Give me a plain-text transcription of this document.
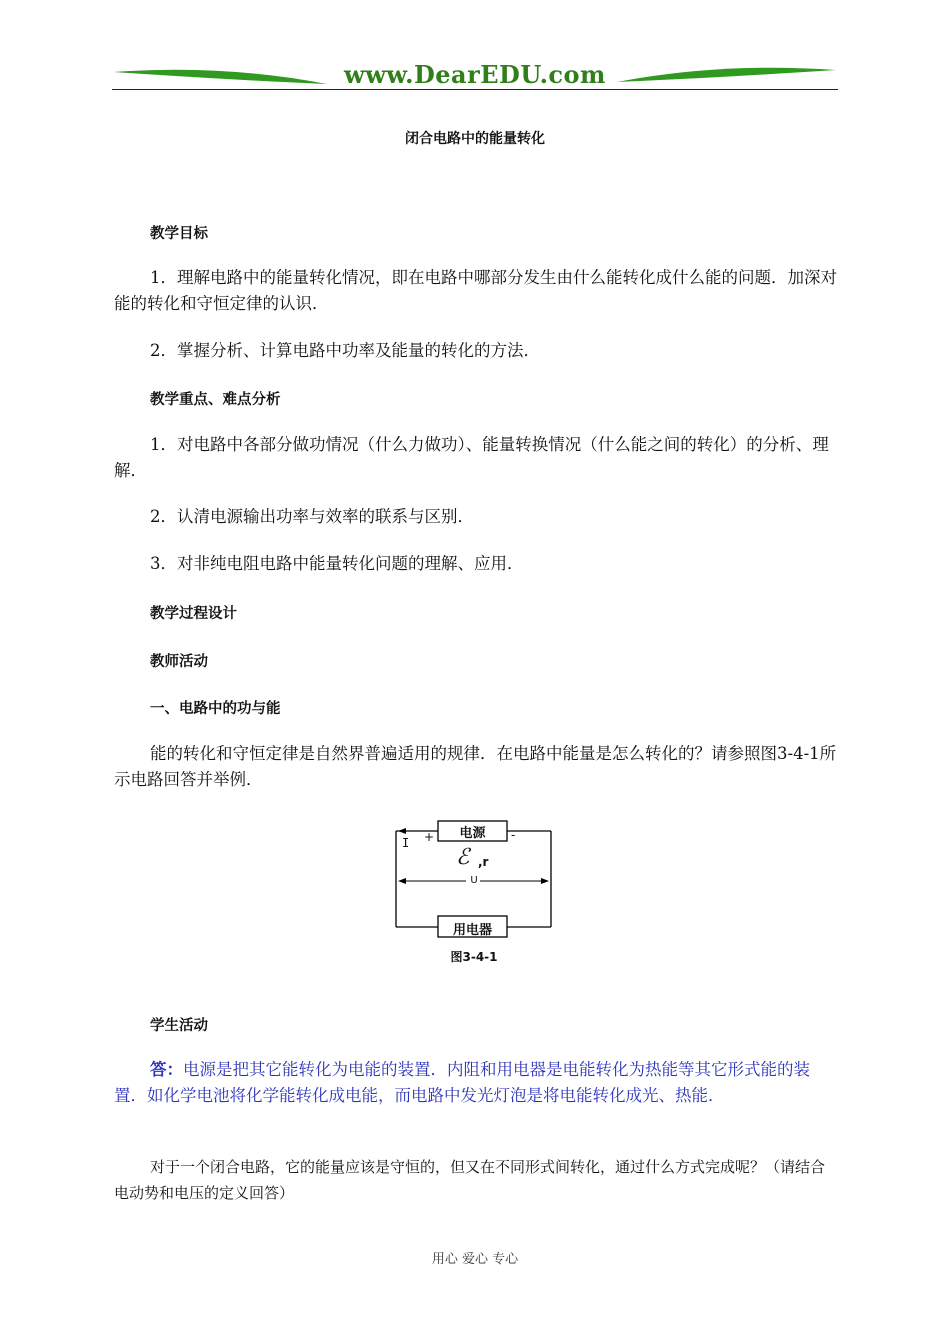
www.DearEDU.com
闭合电路中的能量转化
教学目标

1．理解电路中的能量转化情况，即在电路中哪部分发生由什么能转化成什么能的问题．加深对能的转化和守恒定律的认识．

2．掌握分析、计算电路中功率及能量的转化的方法．

教学重点、难点分析

1．对电路中各部分做功情况（什么力做功）、能量转换情况（什么能之间的转化）的分析、理解．

2．认清电源输出功率与效率的联系与区别．

3．对非纯电阻电路中能量转化问题的理解、应用．

教学过程设计
教师活动
一、电路中的功与能

能的转化和守恒定律是自然界普遍适用的规律．在电路中能量是怎么转化的？请参照图3-4-1所示电路回答并举例．

电源
用电器
I +	-
ℰ ,r
U
图3-4-1
学生活动

答：电源是把其它能转化为电能的装置．内阻和用电器是电能转化为热能等其它形式能的装置．如化学电池将化学能转化成电能，而电路中发光灯泡是将电能转化成光、热能．

对于一个闭合电路，它的能量应该是守恒的，但又在不同形式间转化，通过什么方式完成呢？（请结合电动势和电压的定义回答）

用心 爱心 专心
